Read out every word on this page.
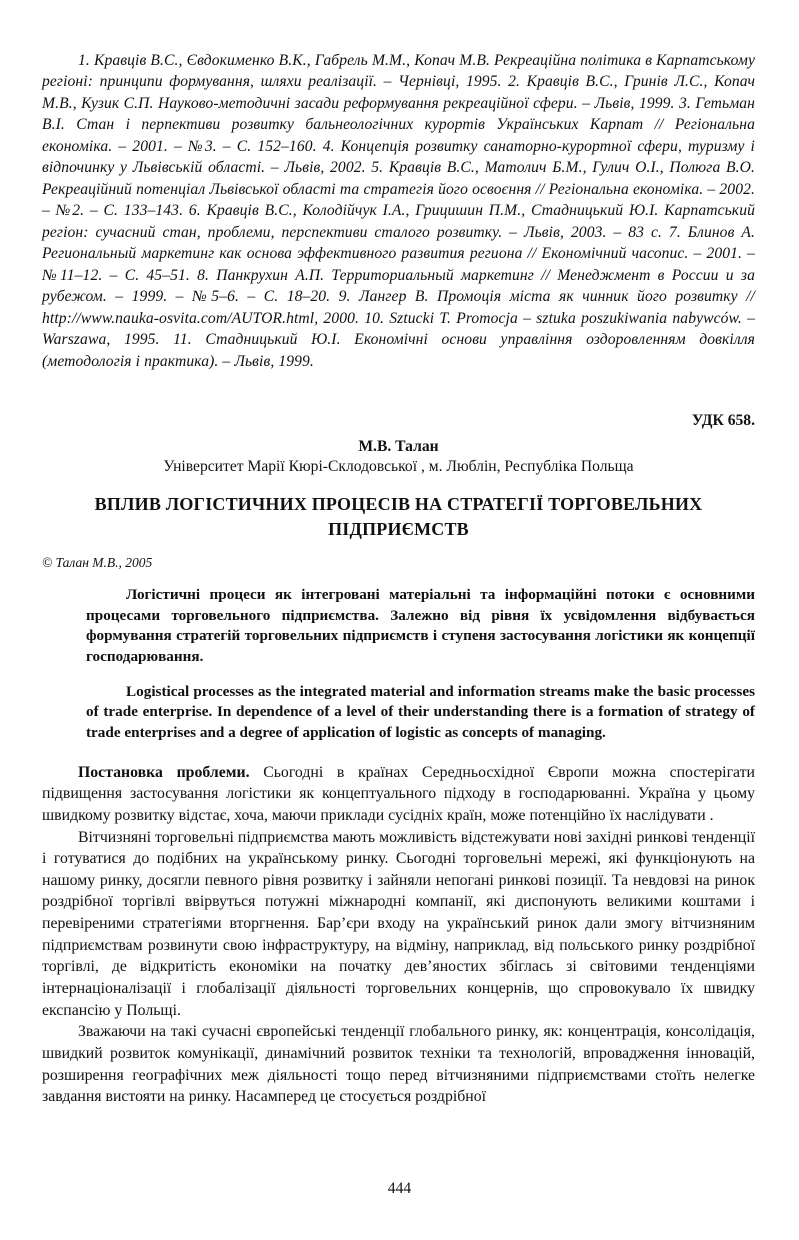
1. Кравців В.С., Євдокименко В.К., Габрель М.М., Копач М.В. Рекреаційна політика в Карпатському регіоні: принципи формування, шляхи реалізації. – Чернівці, 1995. 2. Кравців В.С., Гринів Л.С., Копач М.В., Кузик С.П. Науково-методичні засади реформування рекреаційної сфери. – Львів, 1999. 3. Гетьман В.І. Стан і перпективи розвитку бальнеологічних курортів Українських Карпат // Регіональна економіка. – 2001. – №3. – С. 152–160. 4. Концепція розвитку санаторно-курортної сфери, туризму і відпочинку у Львівській області. – Львів, 2002. 5. Кравців В.С., Матолич Б.М., Гулич О.І., Полюга В.О. Рекреаційний потенціал Львівської області та стратегія його освоєння // Регіональна економіка. – 2002. – №2. – С. 133–143. 6. Кравців В.С., Колодійчук І.А., Грицишин П.М., Стадницький Ю.І. Карпатський регіон: сучасний стан, проблеми, перспективи сталого розвитку. – Львів, 2003. – 83 с. 7. Блинов А. Региональный маркетинг как основа эффективного развития региона // Економічний часопис. – 2001. – №11–12. – С. 45–51. 8. Панкрухин А.П. Территориальный маркетинг // Менеджмент в России и за рубежом. – 1999. – №5–6. – С. 18–20. 9. Лангер В. Промоція міста як чинник його розвитку // http://www.nauka-osvita.com/AUTOR.html, 2000. 10. Sztucki T. Promocja – sztuka poszukiwania nabywców. – Warszawa, 1995. 11. Стадницький Ю.І. Економічні основи управління оздоровленням довкілля (методологія і практика). – Львів, 1999.

УДК 658.
М.В. Талан
Університет Марії Кюрі-Склодовської , м. Люблін, Республіка Польща
ВПЛИВ ЛОГІСТИЧНИХ ПРОЦЕСІВ НА СТРАТЕГІЇ ТОРГОВЕЛЬНИХ ПІДПРИЄМСТВ
© Талан М.В., 2005

Логістичні процеси як інтегровані матеріальні та інформаційні потоки є основними процесами торговельного підприємства. Залежно від рівня їх усвідомлення відбувається формування стратегій торговельних підприємств і ступеня застосування логістики як концепції господарювання.

Logistical processes as the integrated material and information streams make the basic processes of trade enterprise. In dependence of a level of their understanding there is a formation of strategy of trade enterprises and a degree of application of logistic as concepts of managing.

Постановка проблеми. Сьогодні в країнах Середньосхідної Європи можна спостерігати підвищення застосування логістики як концептуального підходу в господарюванні. Україна у цьому швидкому розвитку відстає, хоча, маючи приклади сусідніх країн, може потенційно їх наслідувати .

Вітчизняні торговельні підприємства мають можливість відстежувати нові західні ринкові тенденції і готуватися до подібних на українському ринку. Сьогодні торговельні мережі, які функціонують на нашому ринку, досягли певного рівня розвитку і зайняли непогані ринкові позиції. Та невдовзі на ринок роздрібної торгівлі ввірвуться потужні міжнародні компанії, які диспонують великими коштами і перевіреними стратегіями вторгнення. Бар’єри входу на український ринок дали змогу вітчизняним підприємствам розвинути свою інфраструктуру, на відміну, наприклад, від польського ринку роздрібної торгівлі, де відкритість економіки на початку дев’яностих збіглась зі світовими тенденціями інтернаціоналізації і глобалізації діяльності торговельних концернів, що спровокувало їх швидку експансію у Польщі.

Зважаючи на такі сучасні європейські тенденції глобального ринку, як: концентрація, консолідація, швидкий розвиток комунікації, динамічний розвиток техніки та технологій, впровадження інновацій, розширення географічних меж діяльності тощо перед вітчизняними підприємствами стоїть нелегке завдання вистояти на ринку. Насамперед це стосується роздрібної

444
